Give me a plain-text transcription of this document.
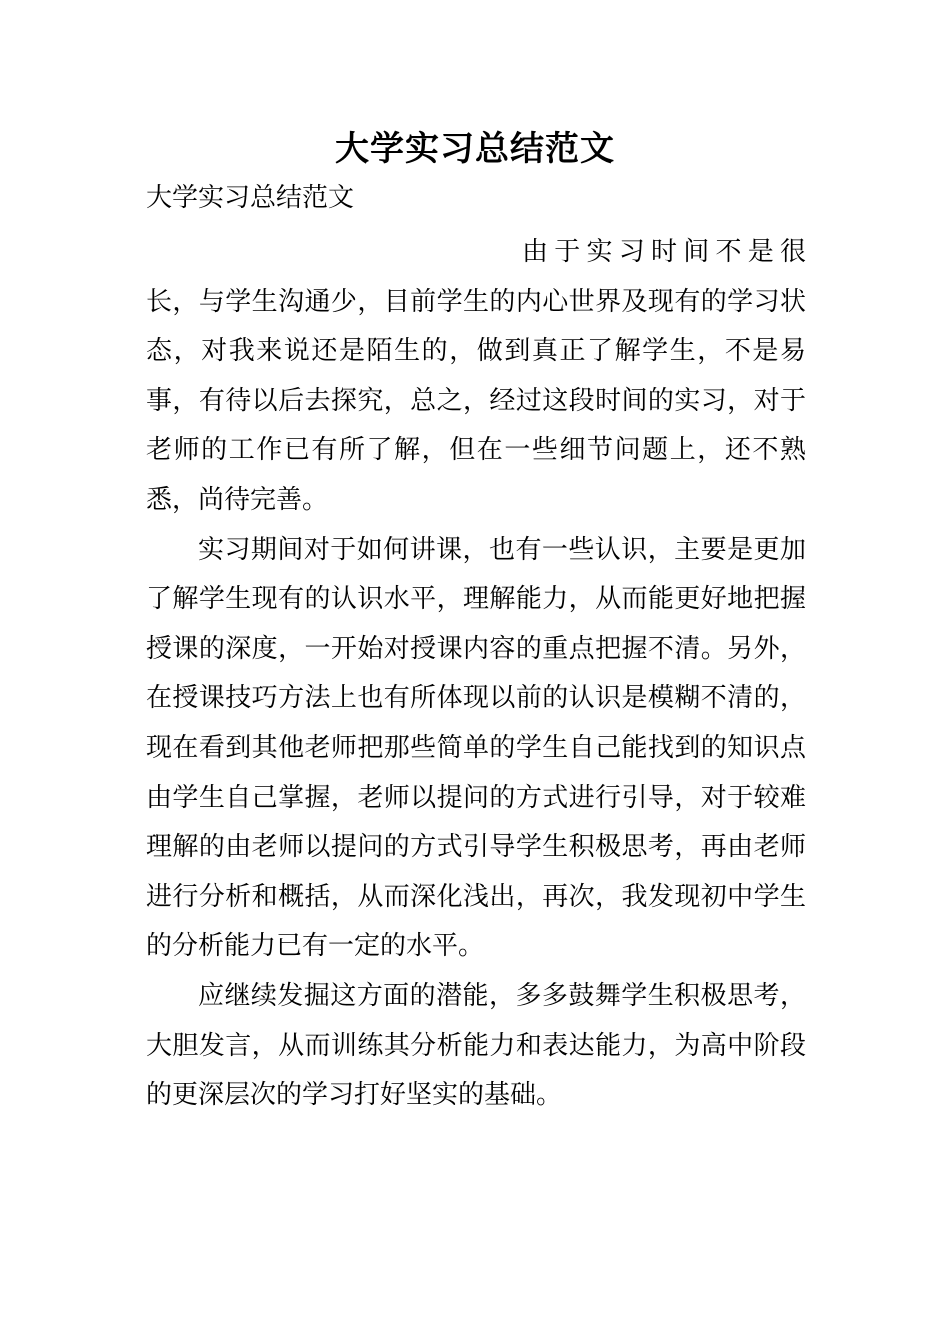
大学实习总结范文

大学实习总结范文

由于实习时间不是很长，与学生沟通少，目前学生的内心世界及现有的学习状态，对我来说还是陌生的，做到真正了解学生，不是易事，有待以后去探究，总之，经过这段时间的实习，对于老师的工作已有所了解，但在一些细节问题上，还不熟悉，尚待完善。

实习期间对于如何讲课，也有一些认识，主要是更加了解学生现有的认识水平，理解能力，从而能更好地把握授课的深度，一开始对授课内容的重点把握不清。另外，在授课技巧方法上也有所体现以前的认识是模糊不清的，现在看到其他老师把那些简单的学生自己能找到的知识点由学生自己掌握，老师以提问的方式进行引导，对于较难理解的由老师以提问的方式引导学生积极思考，再由老师进行分析和概括，从而深化浅出，再次，我发现初中学生的分析能力已有一定的水平。

应继续发掘这方面的潜能，多多鼓舞学生积极思考，大胆发言，从而训练其分析能力和表达能力，为高中阶段的更深层次的学习打好坚实的基础。
